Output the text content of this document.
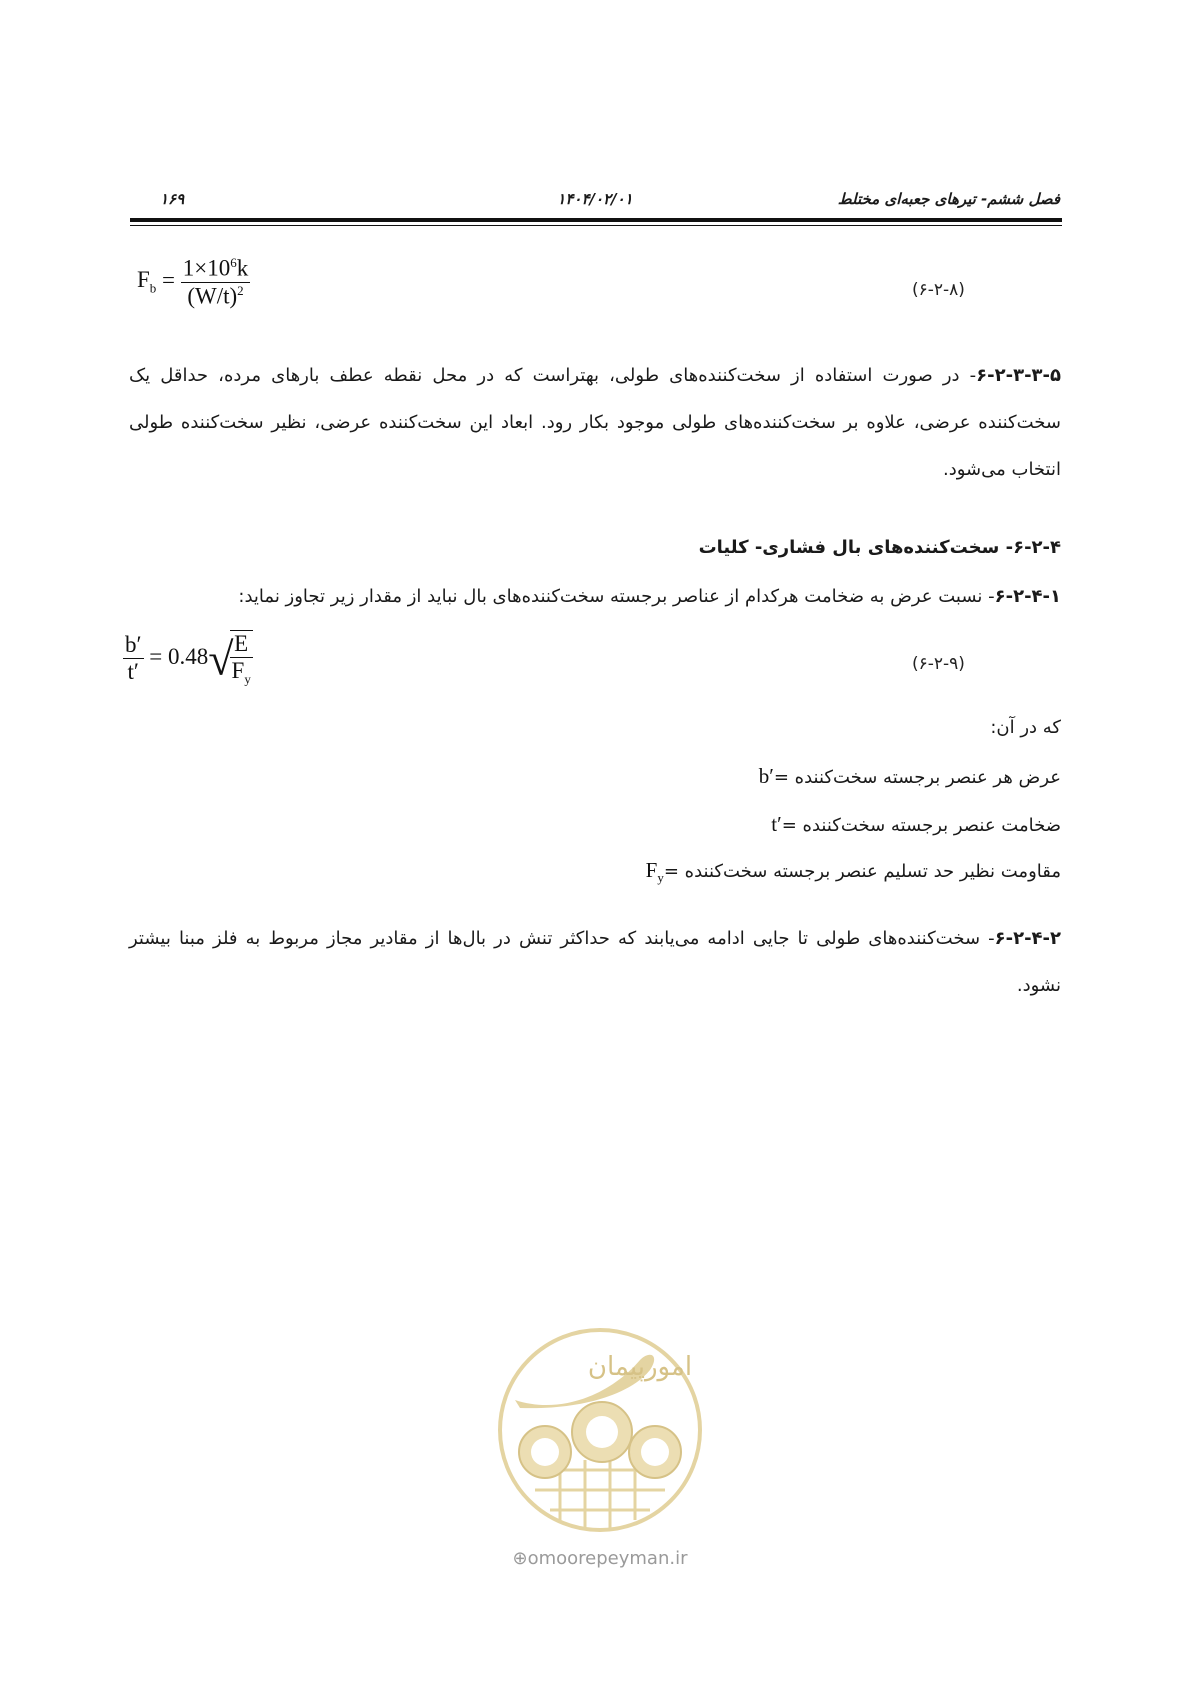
فصل ششم- تیرهای جعبه‌ای مختلط
۱۴۰۴/۰۲/۰۱
۱۶۹
$F_b = \frac{1\times 10^6k}{(W/t)^2}$	(۶-۲-۸)
۶-۲-۳-۳-۵- در صورت استفاده از سخت‌کننده‌های طولی، بهتراست که در محل نقطه عطف بارهای مرده، حداقل یک سخت‌کننده عرضی، علاوه بر سخت‌کننده‌های طولی موجود بکار رود. ابعاد این سخت‌کننده عرضی، نظیر سخت‌کننده طولی انتخاب می‌شود.
۶-۲-۴- سخت‌کننده‌های بال فشاری- کلیات
۶-۲-۴-۱- نسبت عرض به ضخامت هرکدام از عناصر برجسته سخت‌کننده‌های بال نباید از مقدار زیر تجاوز نماید:
$\frac{b'}{t'} = 0.48√$
$\frac{E}{F_y}$	(۶-۲-۹)
که در آن:
b′= عرض هر عنصر برجسته سخت‌کننده
t′= ضخامت عنصر برجسته سخت‌کننده
$F_y=$ مقاومت نظیر حد تسلیم عنصر برجسته سخت‌کننده
۶-۲-۴-۲- سخت‌کننده‌های طولی تا جایی ادامه می‌یابند که حداکثر تنش در بال‌ها از مقادیر مجاز مربوط به فلز مبنا بیشتر نشود.
امورپیمان
⊕omoorepeyman.ir
